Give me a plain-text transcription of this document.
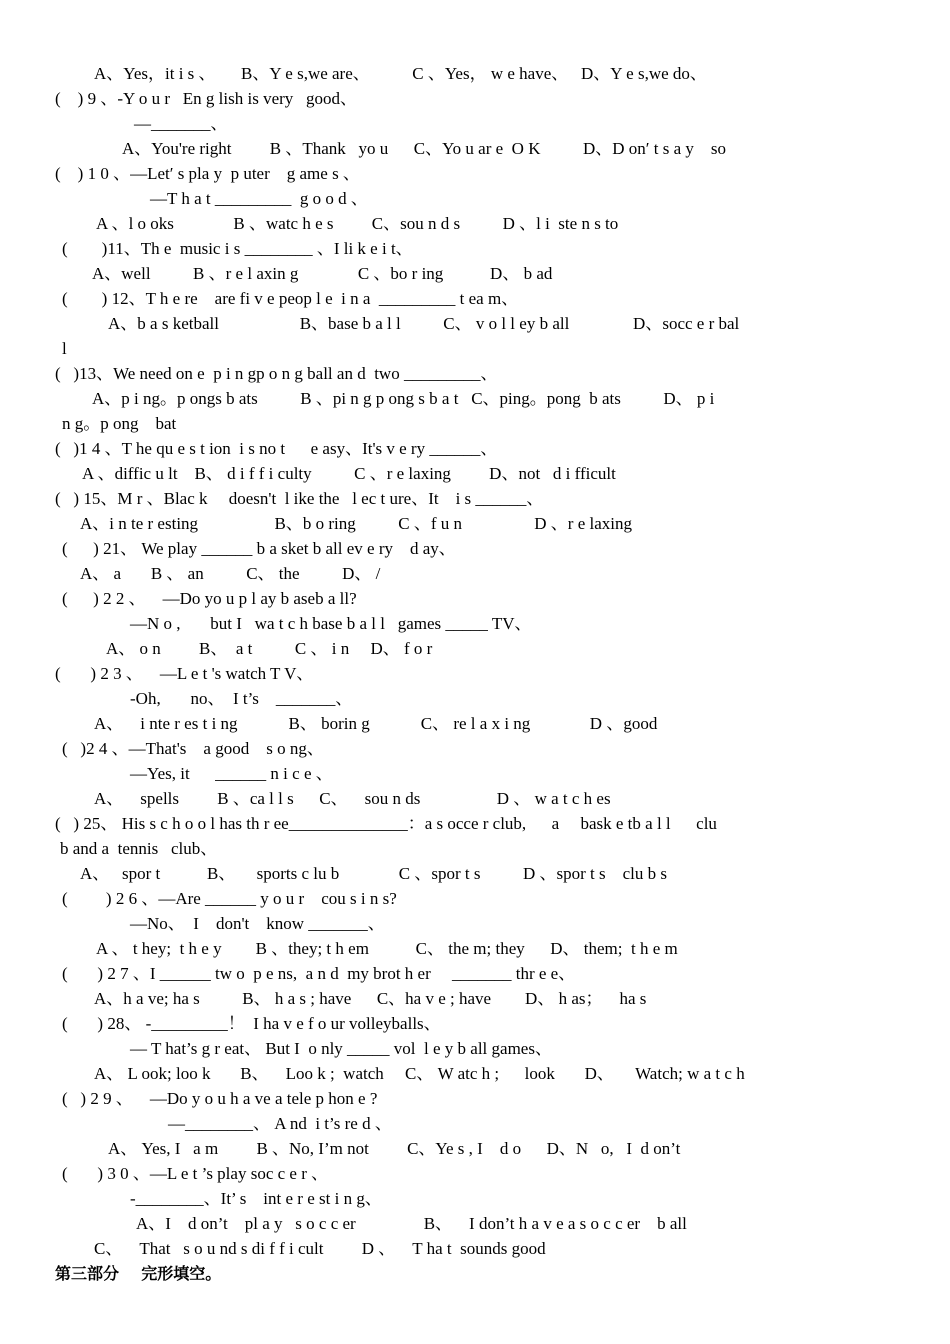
A、Yes，it i s 、      B、Y e s,we are、          C 、Yes， w e have、   D、Y e s,we do、
(    ) 9 、-Y o u r   En g lish is very   good、
—_______、
A、You're right         B 、Thank   yo u      C、Yo u ar e  O K          D、D on′ t s a y    so
(    ) 1 0 、—Let′ s pla y  p uter    g ame s 、
—T h a t _________  g o o d 、
A 、l o oks              B 、watc h e s         C、sou n d s          D 、l i  ste n s to
(        )11、Th e  music i s ________ 、I li k e i t、
A、well          B 、r e l axin g              C 、bo r ing           D、 b ad
(        ) 12、T h e re    are fi v e peop l e  i n a  _________ t ea m、
A、b a s ketball                   B、base b a l l          C、 v o l l ey b all               D、socc e r bal
l
(   )13、We need on e  p i n gp o n g ball an d  two _________、
A、p i ng。p ongs b ats          B 、pi n g p ong s b a t   C、ping。pong  b ats          D、 p i
n g。p ong    bat
(   )1 4 、T he qu e s t ion  i s no t      e asy、It's v e ry ______、
A 、diffic u lt    B、 d i f f i culty          C 、r e laxing         D、not   d i fficult
(   ) 15、M r 、Blac k     doesn't  l ike the   l ec t ure、It    i s ______、
A、i n te r esting                  B、b o ring          C 、f u n                 D 、r e laxing
(      ) 21、 We play ______ b a sket b all ev e ry    d ay、
A、 a       B 、 an          C、 the          D、 /
(      ) 2 2 、    —Do yo u p l ay b aseb a ll?
—N o ,       but I   wa t c h base b a l l   games _____ TV、
A、 o n         B、  a t          C 、 i n     D、 f o r
(       ) 2 3 、    —L e t 's watch T V、
-Oh,       no、  I t’s    _______、
A、    i nte r es t i ng            B、 borin g            C、 re l a x i ng              D 、good
(   )2 4 、—That's    a good    s o ng、
—Yes, it      ______ n i c e 、
A、    spells         B 、ca l l s      C、    sou n ds                  D 、 w a t c h es
(   ) 25、 His s c h o o l has th r ee______________：a s occe r club,      a     bask e tb a l l      clu
b and a  tennis   club、
A、   spor t           B、     sports c lu b              C 、spor t s          D 、spor t s    clu b s
(         ) 2 6 、—Are ______ y o u r    cou s i n s?
—No、  I    don't    know _______、
A 、 t hey;  t h e y        B 、they; t h em           C、 the m; they      D、 them;  t h e m
(       ) 2 7 、I ______ tw o  p e ns,  a n d  my brot h er     _______ thr e e、
A、h a ve; ha s          B、 h a s ; have      C、ha v e ; have        D、 h as；    ha s
(       ) 28、 -_________！  I ha v e f o ur volleyballs、
— T hat’s g r eat、 But I  o nly _____ vol  l e y b all games、
A、 L ook; loo k       B、    Loo k ;  watch     C、 W atc h ;      look       D、     Watch; w a t c h
(   ) 2 9 、    —Do y o u h a ve a tele p hon e ?
—________、 A nd  i t’s re d 、
A、 Yes, I   a m         B 、No, I’m not         C、Ye s , I    d o      D、N   o,   I  d on’t
(       ) 3 0 、—L e t ’s play soc c e r 、
-________、It’ s    int e r e st i n g、
A、I    d on’t    pl a y   s o c c er                B、    I don’t h a v e a s o c c er    b all
C、    That   s o u nd s di f f i cult         D 、    T ha t  sounds good
第三部分    完形填空。
